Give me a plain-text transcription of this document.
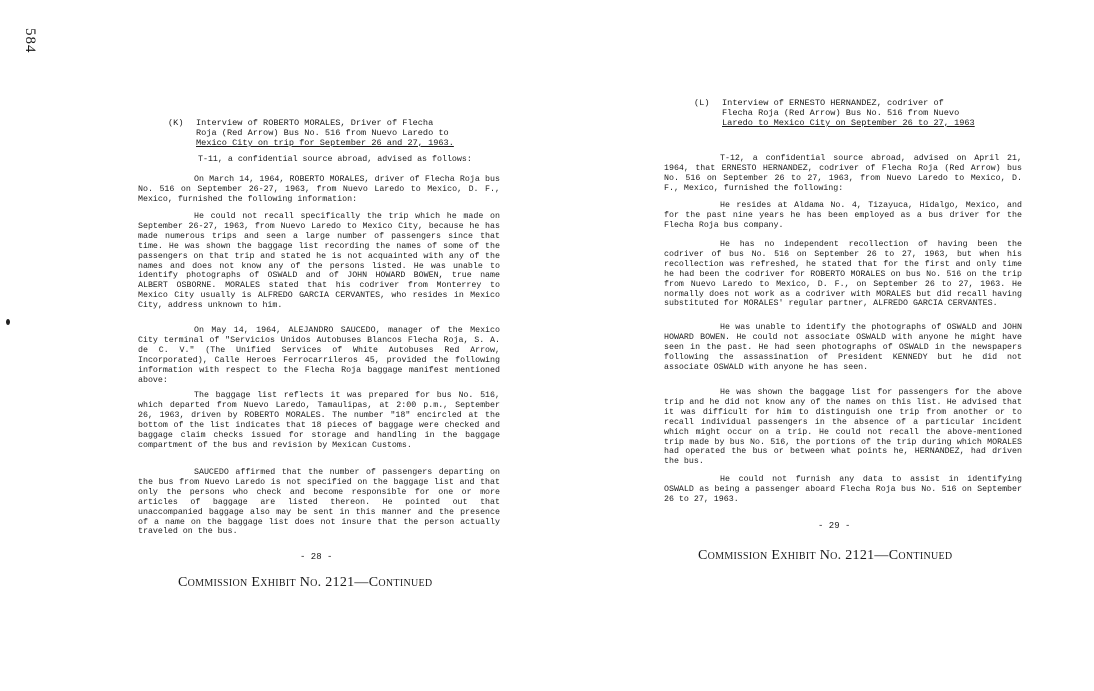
584
(K) Interview of ROBERTO MORALES, Driver of Flecha
Roja (Red Arrow) Bus No. 516 from Nuevo Laredo to
Mexico City on trip for September 26 and 27, 1963.

T-11, a confidential source abroad, advised as follows:

On March 14, 1964, ROBERTO MORALES, driver of Flecha Roja bus No. 516 on September 26-27, 1963, from Nuevo Laredo to Mexico, D. F., Mexico, furnished the following information:

He could not recall specifically the trip which he made on September 26-27, 1963, from Nuevo Laredo to Mexico City, because he has made numerous trips and seen a large number of passengers since that time. He was shown the baggage list recording the names of some of the passengers on that trip and stated he is not acquainted with any of the names and does not know any of the persons listed. He was unable to identify photographs of OSWALD and of JOHN HOWARD BOWEN, true name ALBERT OSBORNE. MORALES stated that his codriver from Monterrey to Mexico City usually is ALFREDO GARCIA CERVANTES, who resides in Mexico City, address unknown to him.

On May 14, 1964, ALEJANDRO SAUCEDO, manager of the Mexico City terminal of "Servicios Unidos Autobuses Blancos Flecha Roja, S. A. de C. V." (The Unified Services of White Autobuses Red Arrow, Incorporated), Calle Heroes Ferrocarrileros 45, provided the following information with respect to the Flecha Roja baggage manifest mentioned above:

The baggage list reflects it was prepared for bus No. 516, which departed from Nuevo Laredo, Tamaulipas, at 2:00 p.m., September 26, 1963, driven by ROBERTO MORALES. The number "18" encircled at the bottom of the list indicates that 18 pieces of baggage were checked and baggage claim checks issued for storage and handling in the baggage compartment of the bus and revision by Mexican Customs.

SAUCEDO affirmed that the number of passengers departing on the bus from Nuevo Laredo is not specified on the baggage list and that only the persons who check and become responsible for one or more articles of baggage are listed thereon. He pointed out that unaccompanied baggage also may be sent in this manner and the presence of a name on the baggage list does not insure that the person actually traveled on the bus.

- 28 -
Commission Exhibit No. 2121—Continued
(L) Interview of ERNESTO HERNANDEZ, codriver of
Flecha Roja (Red Arrow) Bus No. 516 from Nuevo
Laredo to Mexico City on September 26 to 27, 1963

T-12, a confidential source abroad, advised on April 21, 1964, that ERNESTO HERNANDEZ, codriver of Flecha Roja (Red Arrow) bus No. 516 on September 26 to 27, 1963, from Nuevo Laredo to Mexico, D. F., Mexico, furnished the following:

He resides at Aldama No. 4, Tizayuca, Hidalgo, Mexico, and for the past nine years he has been employed as a bus driver for the Flecha Roja bus company.

He has no independent recollection of having been the codriver of bus No. 516 on September 26 to 27, 1963, but when his recollection was refreshed, he stated that for the first and only time he had been the codriver for ROBERTO MORALES on bus No. 516 on the trip from Nuevo Laredo to Mexico, D. F., on September 26 to 27, 1963. He normally does not work as a codriver with MORALES but did recall having substituted for MORALES' regular partner, ALFREDO GARCIA CERVANTES.

He was unable to identify the photographs of OSWALD and JOHN HOWARD BOWEN. He could not associate OSWALD with anyone he might have seen in the past. He had seen photographs of OSWALD in the newspapers following the assassination of President KENNEDY but he did not associate OSWALD with anyone he has seen.

He was shown the baggage list for passengers for the above trip and he did not know any of the names on this list. He advised that it was difficult for him to distinguish one trip from another or to recall individual passengers in the absence of a particular incident which might occur on a trip. He could not recall the above-mentioned trip made by bus No. 516, the portions of the trip during which MORALES had operated the bus or between what points he, HERNANDEZ, had driven the bus.

He could not furnish any data to assist in identifying OSWALD as being a passenger aboard Flecha Roja bus No. 516 on September 26 to 27, 1963.

- 29 -
Commission Exhibit No. 2121—Continued
